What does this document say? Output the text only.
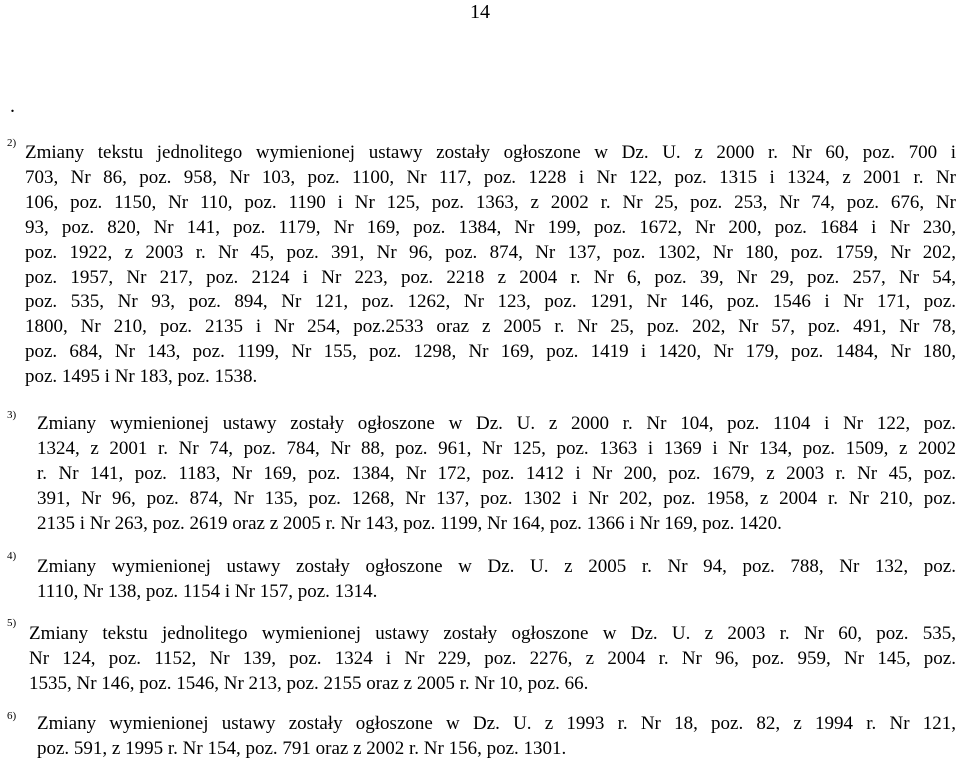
14
.
2) Zmiany tekstu jednolitego wymienionej ustawy zostały ogłoszone w Dz. U. z 2000 r. Nr 60, poz. 700 i
703, Nr 86, poz. 958, Nr 103, poz. 1100, Nr 117, poz. 1228 i Nr 122, poz. 1315 i 1324, z 2001 r. Nr
106, poz. 1150, Nr 110, poz. 1190 i Nr 125, poz. 1363, z 2002 r. Nr 25, poz. 253, Nr 74, poz. 676, Nr
93, poz. 820, Nr 141, poz. 1179, Nr 169, poz. 1384, Nr 199, poz. 1672, Nr 200, poz. 1684 i Nr 230,
poz. 1922, z 2003 r. Nr 45, poz. 391, Nr 96, poz. 874, Nr 137, poz. 1302, Nr 180, poz. 1759, Nr 202,
poz. 1957, Nr 217, poz. 2124 i Nr 223, poz. 2218 z 2004 r. Nr 6, poz. 39, Nr 29, poz. 257, Nr 54,
poz. 535, Nr 93, poz. 894, Nr 121, poz. 1262, Nr 123, poz. 1291, Nr 146, poz. 1546 i Nr 171, poz.
1800, Nr 210, poz. 2135 i Nr 254, poz.2533 oraz z 2005 r. Nr 25, poz. 202, Nr 57, poz. 491, Nr 78,
poz. 684, Nr 143, poz. 1199, Nr 155, poz. 1298, Nr 169, poz. 1419 i 1420, Nr 179, poz. 1484, Nr 180,
poz. 1495 i Nr 183, poz. 1538.
3) Zmiany wymienionej ustawy zostały ogłoszone w Dz. U. z 2000 r. Nr 104, poz. 1104 i Nr 122, poz.
1324, z 2001 r. Nr 74, poz. 784, Nr 88, poz. 961, Nr 125, poz. 1363 i 1369 i Nr 134, poz. 1509, z 2002
r. Nr 141, poz. 1183, Nr 169, poz. 1384, Nr 172, poz. 1412 i Nr 200, poz. 1679, z 2003 r. Nr 45, poz.
391, Nr 96, poz. 874, Nr 135, poz. 1268, Nr 137, poz. 1302 i Nr 202, poz. 1958, z 2004 r. Nr 210, poz.
2135 i Nr 263, poz. 2619 oraz z 2005 r. Nr 143, poz. 1199, Nr 164, poz. 1366 i Nr 169, poz. 1420.
4) Zmiany wymienionej ustawy zostały ogłoszone w Dz. U. z 2005 r. Nr 94, poz. 788, Nr 132, poz.
1110, Nr 138, poz. 1154 i Nr 157, poz. 1314.
5) Zmiany tekstu jednolitego wymienionej ustawy zostały ogłoszone w Dz. U. z 2003 r. Nr 60, poz. 535,
Nr 124, poz. 1152, Nr 139, poz. 1324 i Nr 229, poz. 2276, z 2004 r. Nr 96, poz. 959, Nr 145, poz.
1535, Nr 146, poz. 1546, Nr 213, poz. 2155 oraz z 2005 r. Nr 10, poz. 66.
6) Zmiany wymienionej ustawy zostały ogłoszone w Dz. U. z 1993 r. Nr 18, poz. 82, z 1994 r. Nr 121,
poz. 591, z 1995 r. Nr 154, poz. 791 oraz z 2002 r. Nr 156, poz. 1301.
